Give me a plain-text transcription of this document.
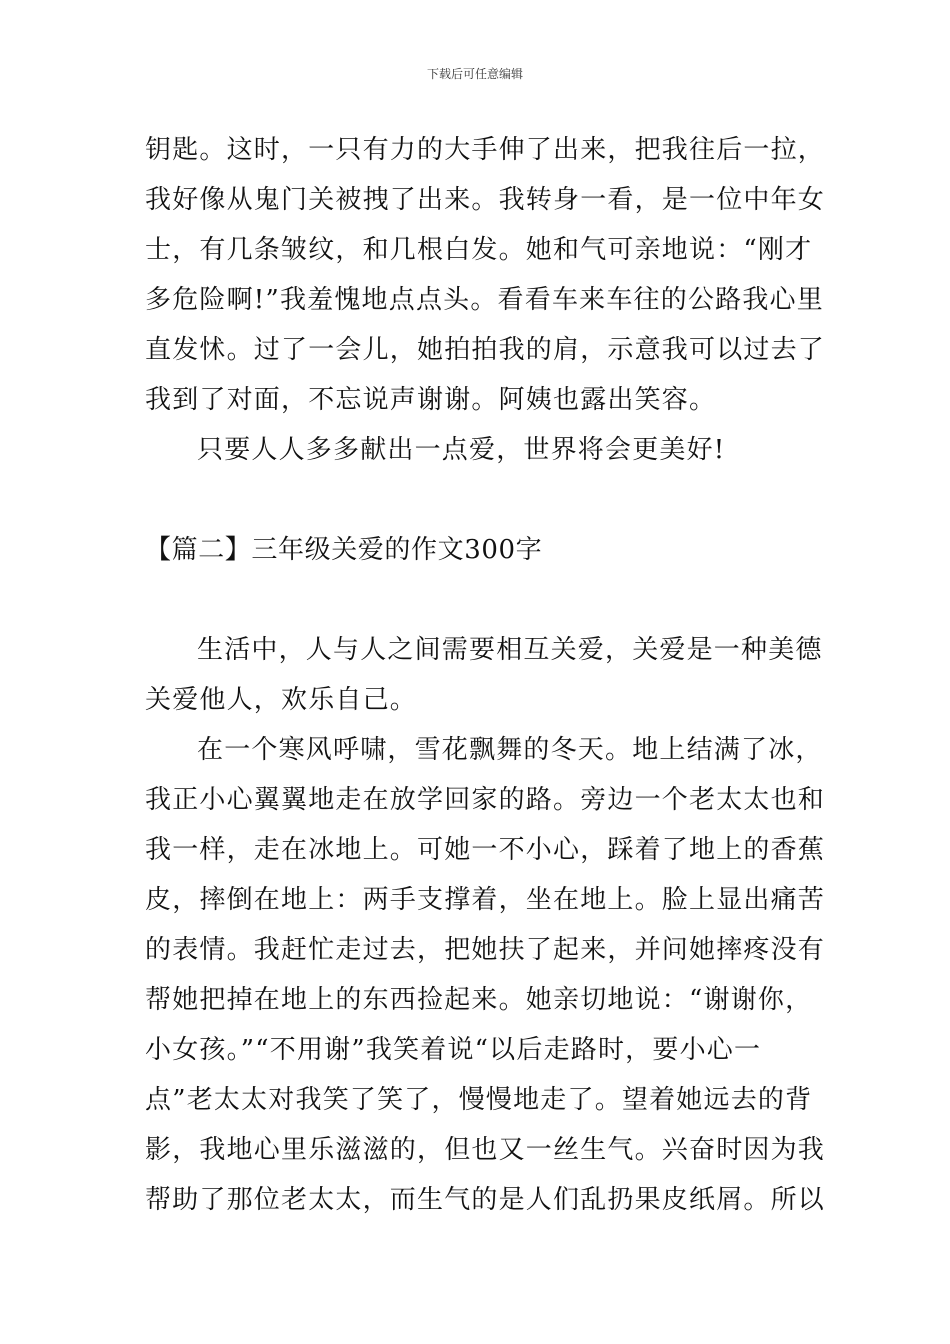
下载后可任意编辑
钥匙。这时，一只有力的大手伸了出来，把我往后一拉，
我好像从鬼门关被拽了出来。我转身一看，是一位中年女
士，有几条皱纹，和几根白发。她和气可亲地说：“刚才
多危险啊!”我羞愧地点点头。看看车来车往的公路我心里
直发怵。过了一会儿，她拍拍我的肩，示意我可以过去了
我到了对面，不忘说声谢谢。阿姨也露出笑容。
只要人人多多献出一点爱，世界将会更美好!
【篇二】三年级关爱的作文300字
生活中，人与人之间需要相互关爱，关爱是一种美德
关爱他人，欢乐自己。
在一个寒风呼啸，雪花飘舞的冬天。地上结满了冰，
我正小心翼翼地走在放学回家的路。旁边一个老太太也和
我一样，走在冰地上。可她一不小心，踩着了地上的香蕉
皮，摔倒在地上：两手支撑着，坐在地上。脸上显出痛苦
的表情。我赶忙走过去，把她扶了起来，并问她摔疼没有
帮她把掉在地上的东西捡起来。她亲切地说：“谢谢你，
小女孩。”“不用谢”我笑着说“以后走路时，要小心一
点”老太太对我笑了笑了，慢慢地走了。望着她远去的背
影，我地心里乐滋滋的，但也又一丝生气。兴奋时因为我
帮助了那位老太太，而生气的是人们乱扔果皮纸屑。所以
